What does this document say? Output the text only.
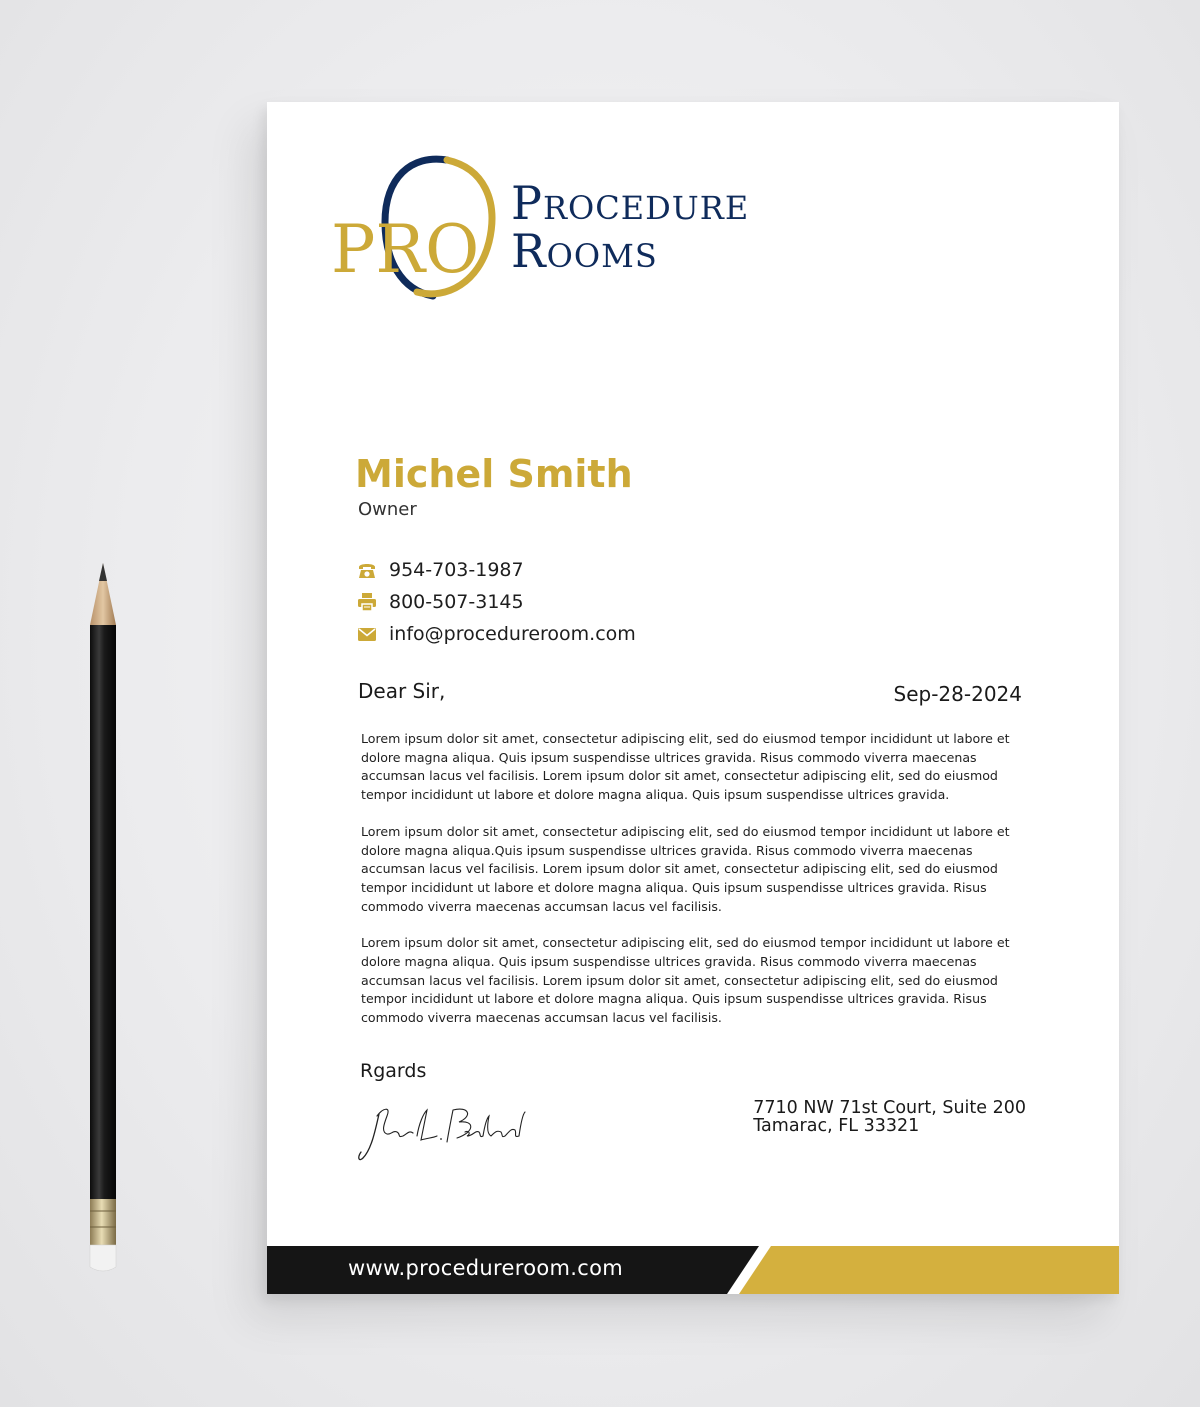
PRO
Procedure
Rooms
Michel Smith
Owner
954-703-1987
800-507-3145
info@procedureroom.com
Dear Sir,	Sep-28-2024

Lorem ipsum dolor sit amet, consectetur adipiscing elit, sed do eiusmod tempor incididunt ut labore et dolore magna aliqua. Quis ipsum suspendisse ultrices gravida. Risus commodo viverra maecenas accumsan lacus vel facilisis. Lorem ipsum dolor sit amet, consectetur adipiscing elit, sed do eiusmod tempor incididunt ut labore et dolore magna aliqua. Quis ipsum suspendisse ultrices gravida.

Lorem ipsum dolor sit amet, consectetur adipiscing elit, sed do eiusmod tempor incididunt ut labore et dolore magna aliqua.Quis ipsum suspendisse ultrices gravida. Risus commodo viverra maecenas accumsan lacus vel facilisis. Lorem ipsum dolor sit amet, consectetur adipiscing elit, sed do eiusmod tempor incididunt ut labore et dolore magna aliqua. Quis ipsum suspendisse ultrices gravida. Risus commodo viverra maecenas accumsan lacus vel facilisis.

Lorem ipsum dolor sit amet, consectetur adipiscing elit, sed do eiusmod tempor incididunt ut labore et dolore magna aliqua. Quis ipsum suspendisse ultrices gravida. Risus commodo viverra maecenas accumsan lacus vel facilisis. Lorem ipsum dolor sit amet, consectetur adipiscing elit, sed do eiusmod tempor incididunt ut labore et dolore magna aliqua. Quis ipsum suspendisse ultrices gravida. Risus commodo viverra maecenas accumsan lacus vel facilisis.

Rgards
7710 NW 71st Court, Suite 200
Tamarac, FL 33321
www.procedureroom.com
